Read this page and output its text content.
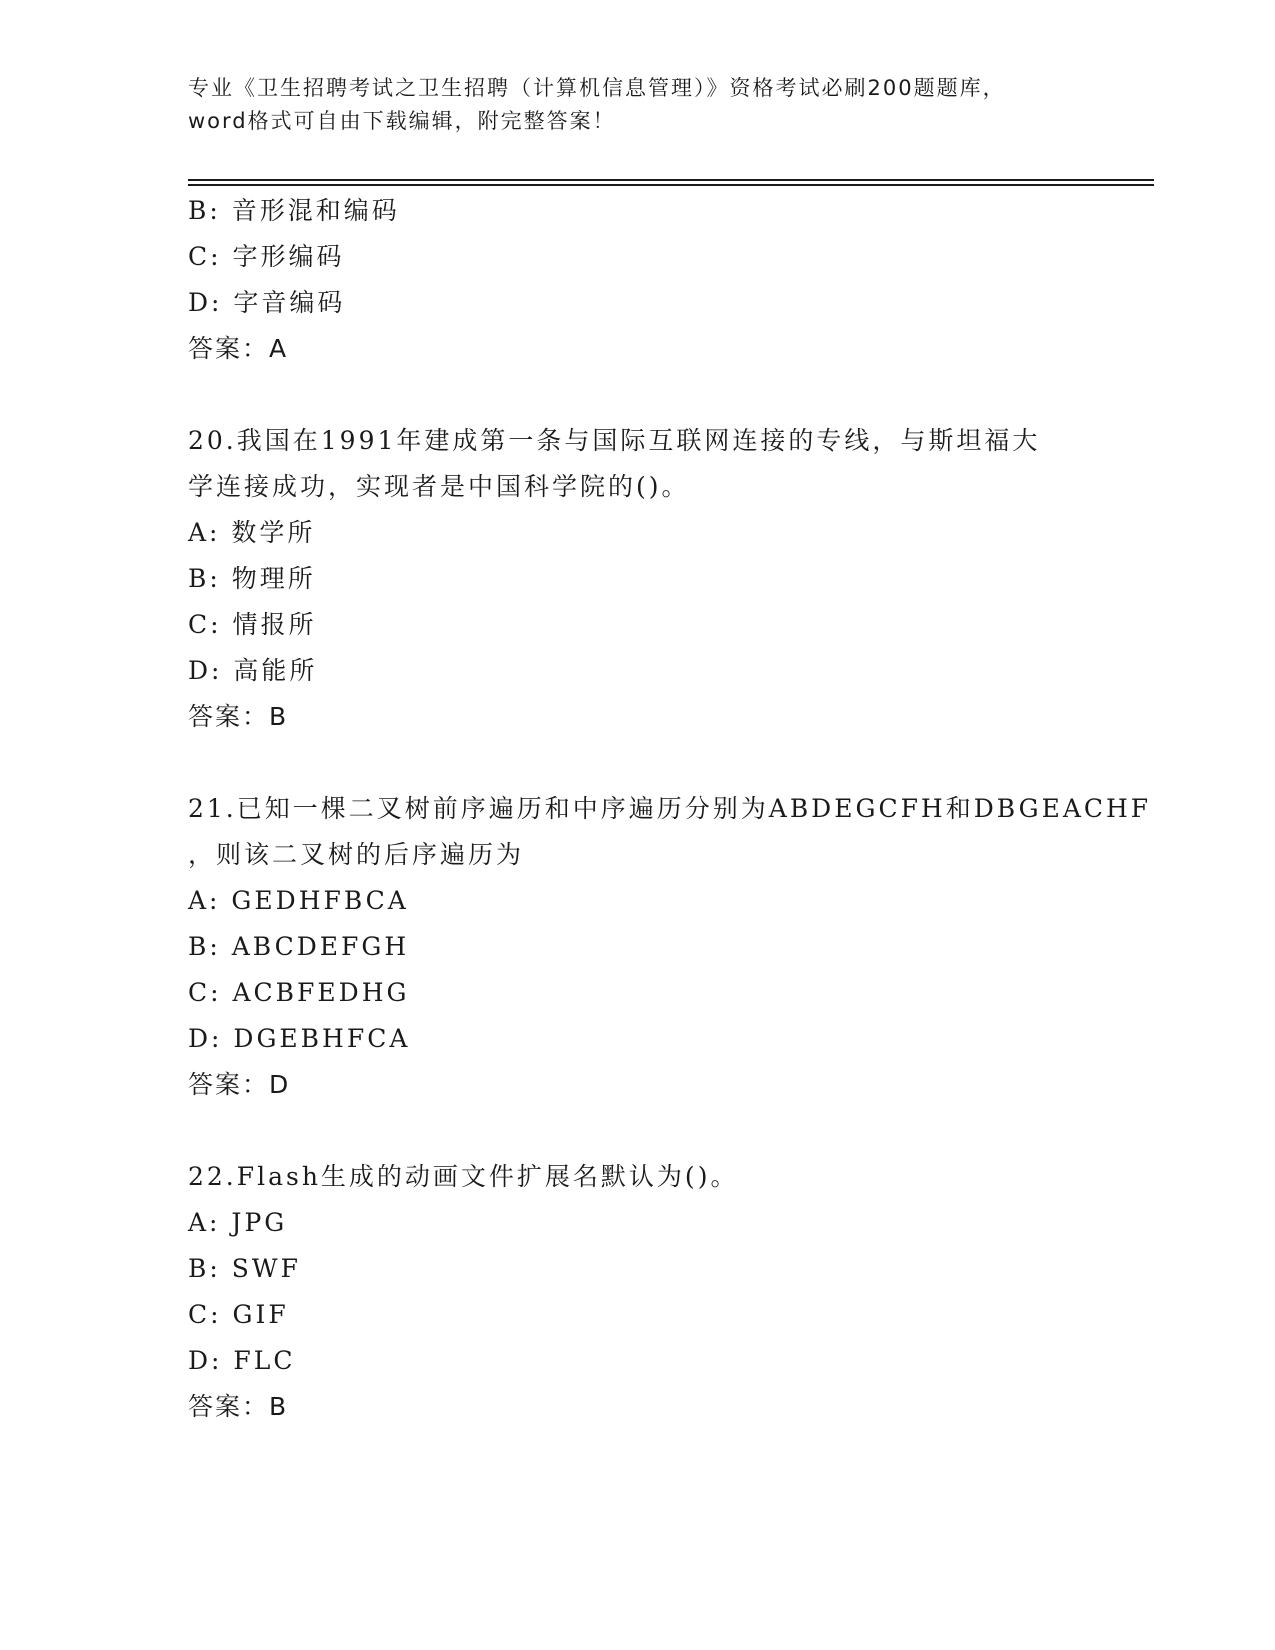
专业《卫生招聘考试之卫生招聘（计算机信息管理）》资格考试必刷200题题库，
word格式可自由下载编辑，附完整答案！
B: 音形混和编码
C: 字形编码
D: 字音编码
答案：A
20.我国在1991年建成第一条与国际互联网连接的专线，与斯坦福大
学连接成功，实现者是中国科学院的()。
A: 数学所
B: 物理所
C: 情报所
D: 高能所
答案：B
21.已知一棵二叉树前序遍历和中序遍历分别为ABDEGCFH和DBGEACHF
，则该二叉树的后序遍历为
A: GEDHFBCA
B: ABCDEFGH
C: ACBFEDHG
D: DGEBHFCA
答案：D
22.Flash生成的动画文件扩展名默认为()。
A: JPG
B: SWF
C: GIF
D: FLC
答案：B
